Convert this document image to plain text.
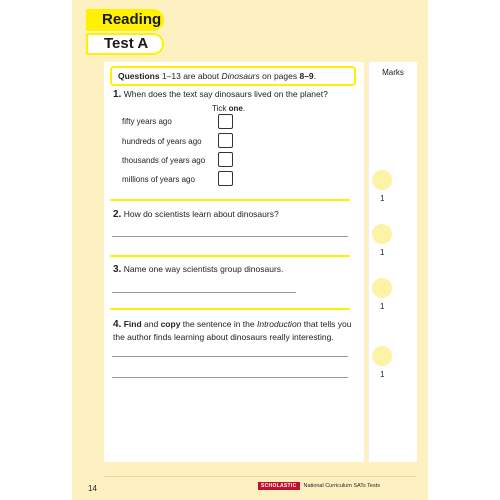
Reading
Test A
Marks
Questions 1–13 are about Dinosaurs on pages 8–9.
1. When does the text say dinosaurs lived on the planet?
Tick one.
fifty years ago
hundreds of years ago
thousands of years ago
millions of years ago
2. How do scientists learn about dinosaurs?
3. Name one way scientists group dinosaurs.
4. Find and copy the sentence in the Introduction that tells you
the author finds learning about dinosaurs really interesting.
1
1
1
1
14	SCHOLASTIC	National Curriculum SATs Tests
